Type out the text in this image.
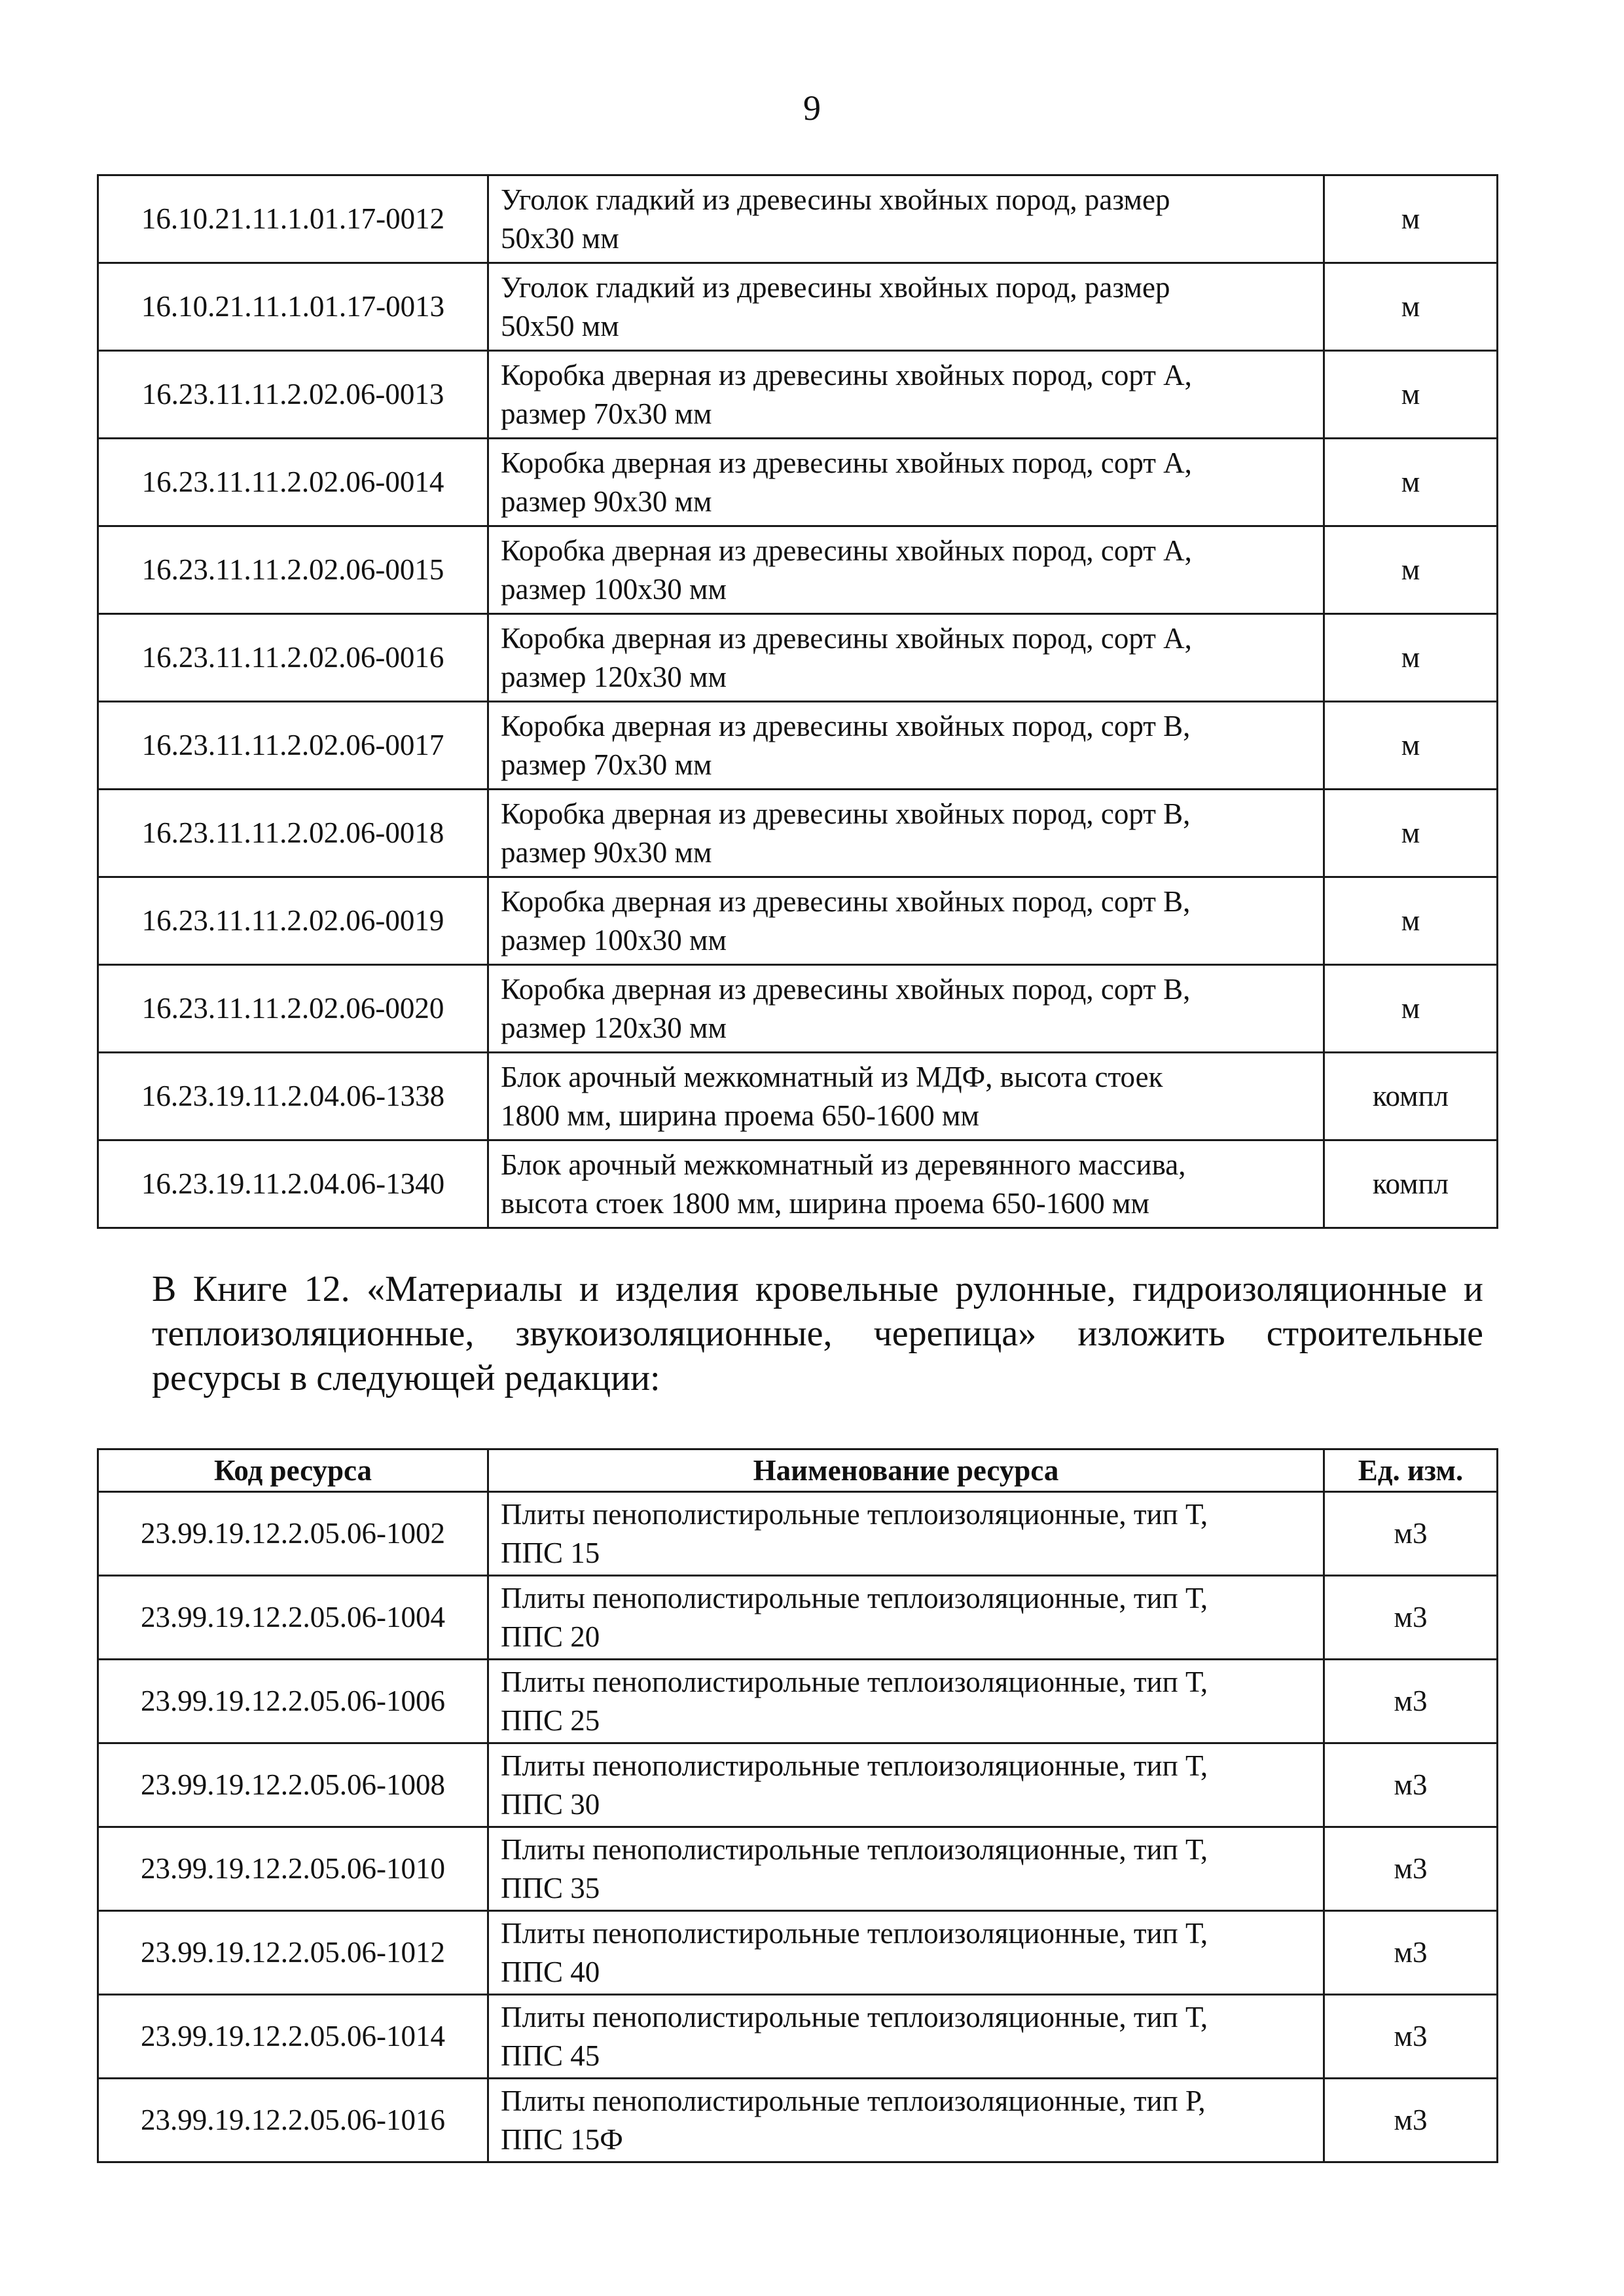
9
16.10.21.11.1.01.17-0012	Уголок гладкий из древесины хвойных пород, размер
50х30 мм	м
16.10.21.11.1.01.17-0013	Уголок гладкий из древесины хвойных пород, размер
50х50 мм	м
16.23.11.11.2.02.06-0013	Коробка дверная из древесины хвойных пород, сорт А,
размер 70х30 мм	м
16.23.11.11.2.02.06-0014	Коробка дверная из древесины хвойных пород, сорт А,
размер 90х30 мм	м
16.23.11.11.2.02.06-0015	Коробка дверная из древесины хвойных пород, сорт А,
размер 100х30 мм	м
16.23.11.11.2.02.06-0016	Коробка дверная из древесины хвойных пород, сорт А,
размер 120х30 мм	м
16.23.11.11.2.02.06-0017	Коробка дверная из древесины хвойных пород, сорт В,
размер 70х30 мм	м
16.23.11.11.2.02.06-0018	Коробка дверная из древесины хвойных пород, сорт В,
размер 90х30 мм	м
16.23.11.11.2.02.06-0019	Коробка дверная из древесины хвойных пород, сорт В,
размер 100х30 мм	м
16.23.11.11.2.02.06-0020	Коробка дверная из древесины хвойных пород, сорт В,
размер 120х30 мм	м
16.23.19.11.2.04.06-1338	Блок арочный межкомнатный из МДФ, высота стоек
1800 мм, ширина проема 650-1600 мм	компл
16.23.19.11.2.04.06-1340	Блок арочный межкомнатный из деревянного массива,
высота стоек 1800 мм, ширина проема 650-1600 мм	компл
В Книге 12. «Материалы и изделия кровельные рулонные, гидроизоляционные и теплоизоляционные, звукоизоляционные, черепица» изложить строительные ресурсы в следующей редакции:
Код ресурса	Наименование ресурса	Ед. изм.
23.99.19.12.2.05.06-1002	Плиты пенополистирольные теплоизоляционные, тип Т,
ППС 15	м3
23.99.19.12.2.05.06-1004	Плиты пенополистирольные теплоизоляционные, тип Т,
ППС 20	м3
23.99.19.12.2.05.06-1006	Плиты пенополистирольные теплоизоляционные, тип Т,
ППС 25	м3
23.99.19.12.2.05.06-1008	Плиты пенополистирольные теплоизоляционные, тип Т,
ППС 30	м3
23.99.19.12.2.05.06-1010	Плиты пенополистирольные теплоизоляционные, тип Т,
ППС 35	м3
23.99.19.12.2.05.06-1012	Плиты пенополистирольные теплоизоляционные, тип Т,
ППС 40	м3
23.99.19.12.2.05.06-1014	Плиты пенополистирольные теплоизоляционные, тип Т,
ППС 45	м3
23.99.19.12.2.05.06-1016	Плиты пенополистирольные теплоизоляционные, тип Р,
ППС 15Ф	м3
